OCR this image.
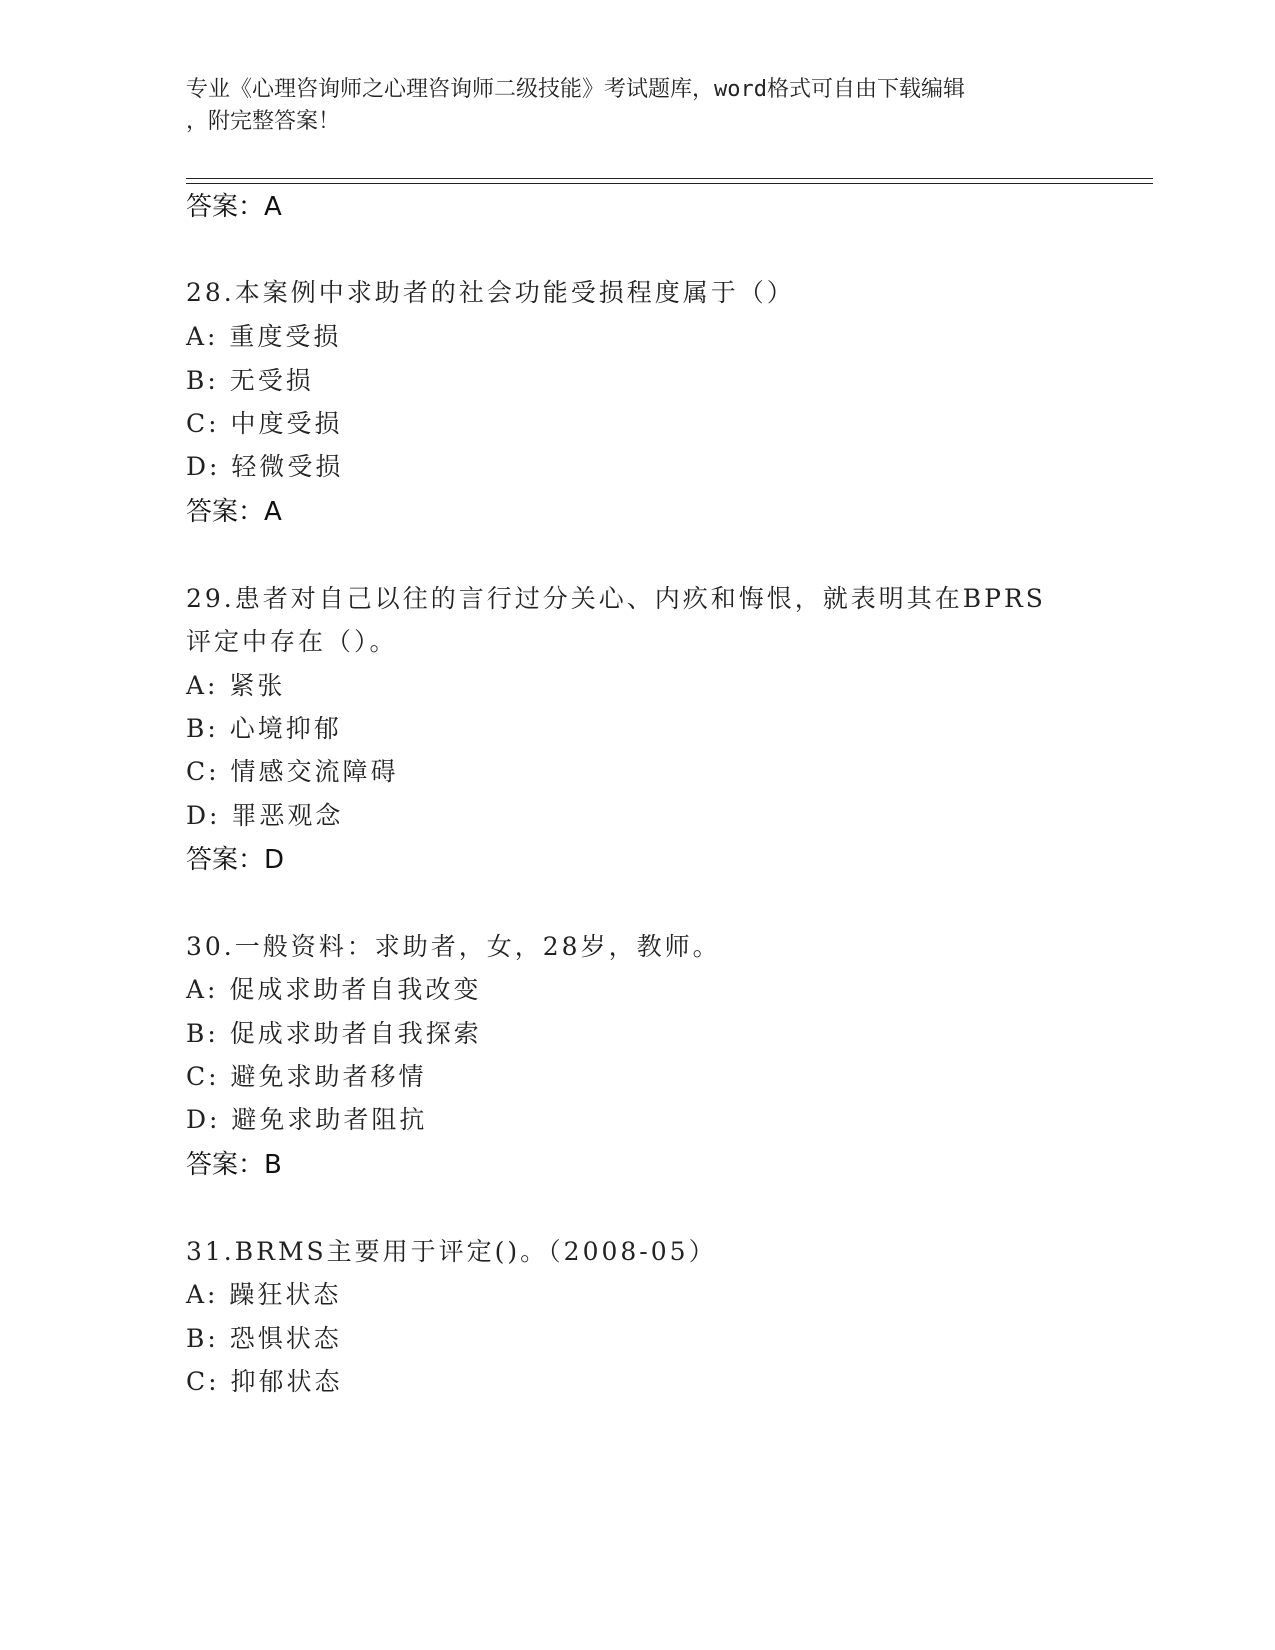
专业《心理咨询师之心理咨询师二级技能》考试题库，word格式可自由下载编辑
，附完整答案！
答案：A
28.本案例中求助者的社会功能受损程度属于（）
A: 重度受损
B: 无受损
C: 中度受损
D: 轻微受损
答案：A
29.患者对自己以往的言行过分关心、内疚和悔恨，就表明其在BPRS
评定中存在（）。
A: 紧张
B: 心境抑郁
C: 情感交流障碍
D: 罪恶观念
答案：D
30.一般资料：求助者，女，28岁，教师。
A: 促成求助者自我改变
B: 促成求助者自我探索
C: 避免求助者移情
D: 避免求助者阻抗
答案：B
31.BRMS主要用于评定()。（2008-05）
A: 躁狂状态
B: 恐惧状态
C: 抑郁状态
